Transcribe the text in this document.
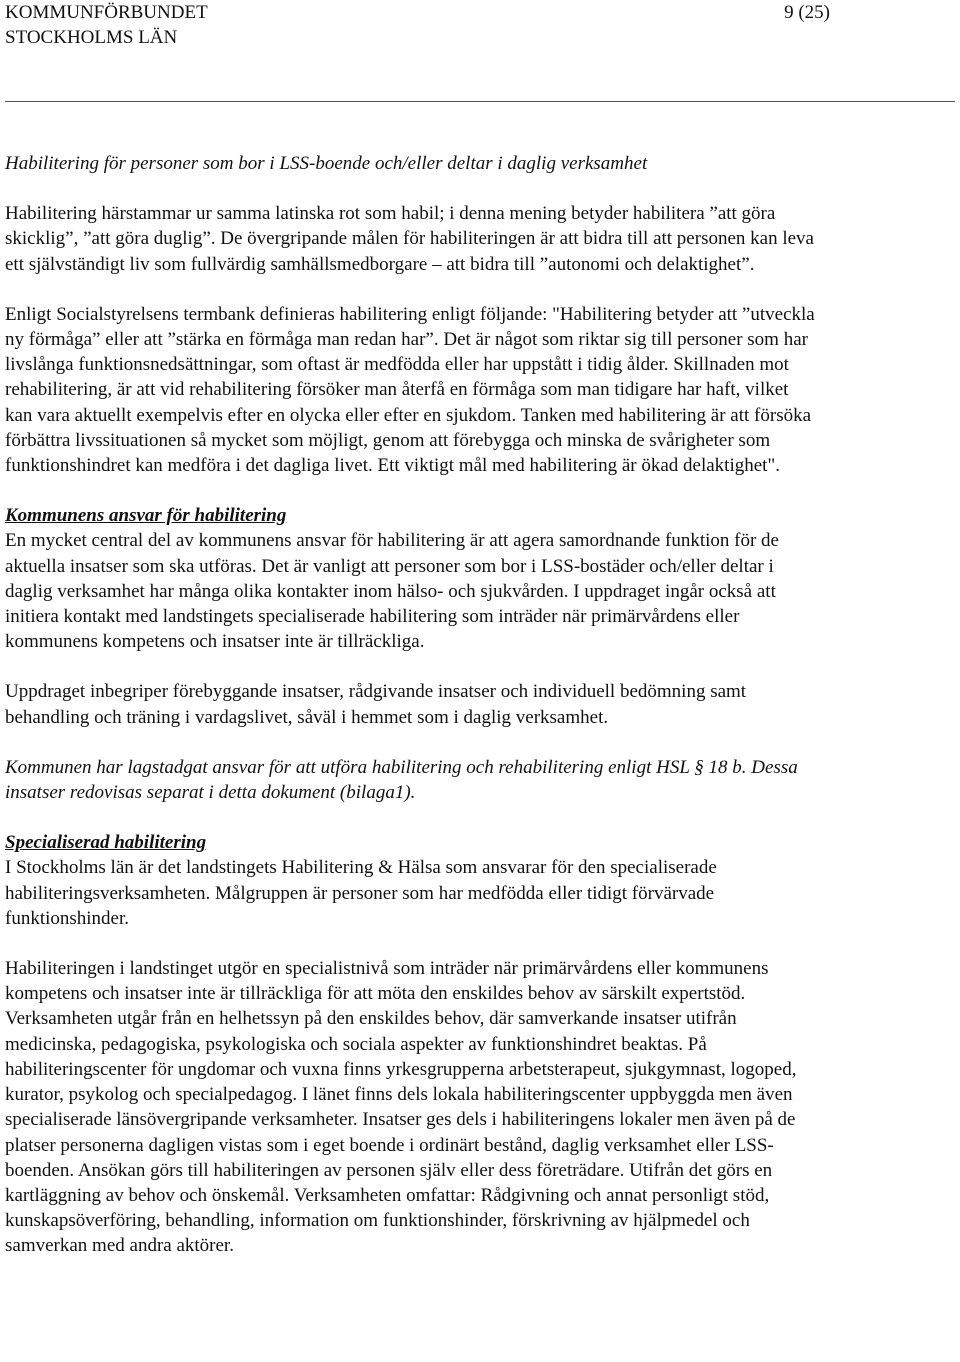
KOMMUNFÖRBUNDET
STOCKHOLMS LÄN
9 (25)

Habilitering för personer som bor i LSS-boende och/eller deltar i daglig verksamhet

Habilitering härstammar ur samma latinska rot som habil; i denna mening betyder habilitera ”att göra skicklig”, ”att göra duglig”. De övergripande målen för habiliteringen är att bidra till att personen kan leva ett självständigt liv som fullvärdig samhällsmedborgare – att bidra till ”autonomi och delaktighet”.

Enligt Socialstyrelsens termbank definieras habilitering enligt följande: "Habilitering betyder att ”utveckla ny förmåga” eller att ”stärka en förmåga man redan har”. Det är något som riktar sig till personer som har livslånga funktionsnedsättningar, som oftast är medfödda eller har uppstått i tidig ålder. Skillnaden mot rehabilitering, är att vid rehabilitering försöker man återfå en förmåga som man tidigare har haft, vilket kan vara aktuellt exempelvis efter en olycka eller efter en sjukdom. Tanken med habilitering är att försöka förbättra livssituationen så mycket som möjligt, genom att förebygga och minska de svårigheter som funktionshindret kan medföra i det dagliga livet. Ett viktigt mål med habilitering är ökad delaktighet".

Kommunens ansvar för habilitering

En mycket central del av kommunens ansvar för habilitering är att agera samordnande funktion för de aktuella insatser som ska utföras. Det är vanligt att personer som bor i LSS-bostäder och/eller deltar i daglig verksamhet har många olika kontakter inom hälso- och sjukvården. I uppdraget ingår också att initiera kontakt med landstingets specialiserade habilitering som inträder när primärvårdens eller kommunens kompetens och insatser inte är tillräckliga.

Uppdraget inbegriper förebyggande insatser, rådgivande insatser och individuell bedömning samt behandling och träning i vardagslivet, såväl i hemmet som i daglig verksamhet.

Kommunen har lagstadgat ansvar för att utföra habilitering och rehabilitering enligt HSL § 18 b. Dessa insatser redovisas separat i detta dokument (bilaga1).

Specialiserad habilitering

I Stockholms län är det landstingets Habilitering & Hälsa som ansvarar för den specialiserade habiliteringsverksamheten. Målgruppen är personer som har medfödda eller tidigt förvärvade funktionshinder.

Habiliteringen i landstinget utgör en specialistnivå som inträder när primärvårdens eller kommunens kompetens och insatser inte är tillräckliga för att möta den enskildes behov av särskilt expertstöd. Verksamheten utgår från en helhetssyn på den enskildes behov, där samverkande insatser utifrån medicinska, pedagogiska, psykologiska och sociala aspekter av funktionshindret beaktas. På habiliteringscenter för ungdomar och vuxna finns yrkesgrupperna arbetsterapeut, sjukgymnast, logoped, kurator, psykolog och specialpedagog. I länet finns dels lokala habiliteringscenter uppbyggda men även specialiserade länsövergripande verksamheter. Insatser ges dels i habiliteringens lokaler men även på de platser personerna dagligen vistas som i eget boende i ordinärt bestånd, daglig verksamhet eller LSS-boenden. Ansökan görs till habiliteringen av personen själv eller dess företrädare. Utifrån det görs en kartläggning av behov och önskemål. Verksamheten omfattar: Rådgivning och annat personligt stöd, kunskapsöverföring, behandling, information om funktionshinder, förskrivning av hjälpmedel och samverkan med andra aktörer.
